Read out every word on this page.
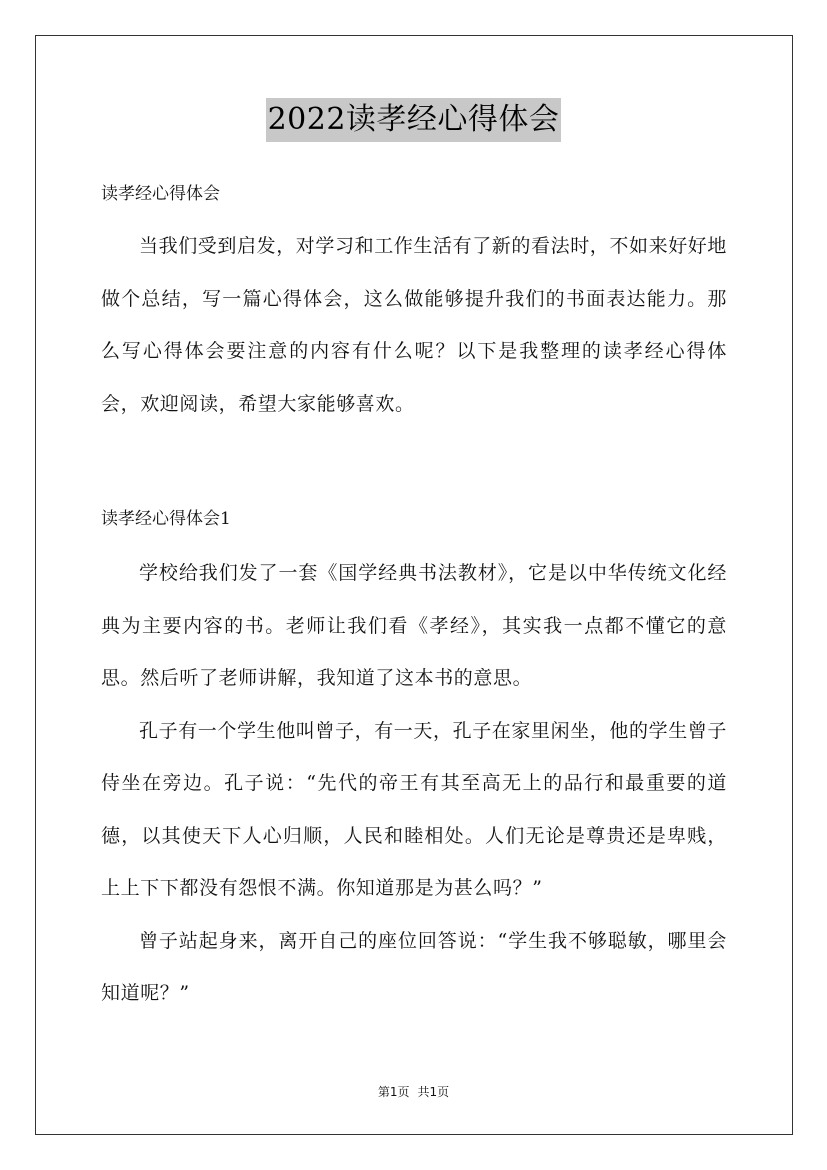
2022读孝经心得体会
读孝经心得体会

当我们受到启发，对学习和工作生活有了新的看法时，不如来好好地做个总结，写一篇心得体会，这么做能够提升我们的书面表达能力。那么写心得体会要注意的内容有什么呢？以下是我整理的读孝经心得体会，欢迎阅读，希望大家能够喜欢。

读孝经心得体会1

学校给我们发了一套《国学经典书法教材》，它是以中华传统文化经典为主要内容的书。老师让我们看《孝经》，其实我一点都不懂它的意思。然后听了老师讲解，我知道了这本书的意思。

孔子有一个学生他叫曾子，有一天，孔子在家里闲坐，他的学生曾子侍坐在旁边。孔子说：“先代的帝王有其至高无上的品行和最重要的道德，以其使天下人心归顺，人民和睦相处。人们无论是尊贵还是卑贱，上上下下都没有怨恨不满。你知道那是为甚么吗？”

曾子站起身来，离开自己的座位回答说：“学生我不够聪敏，哪里会知道呢？”

第1页 共1页
